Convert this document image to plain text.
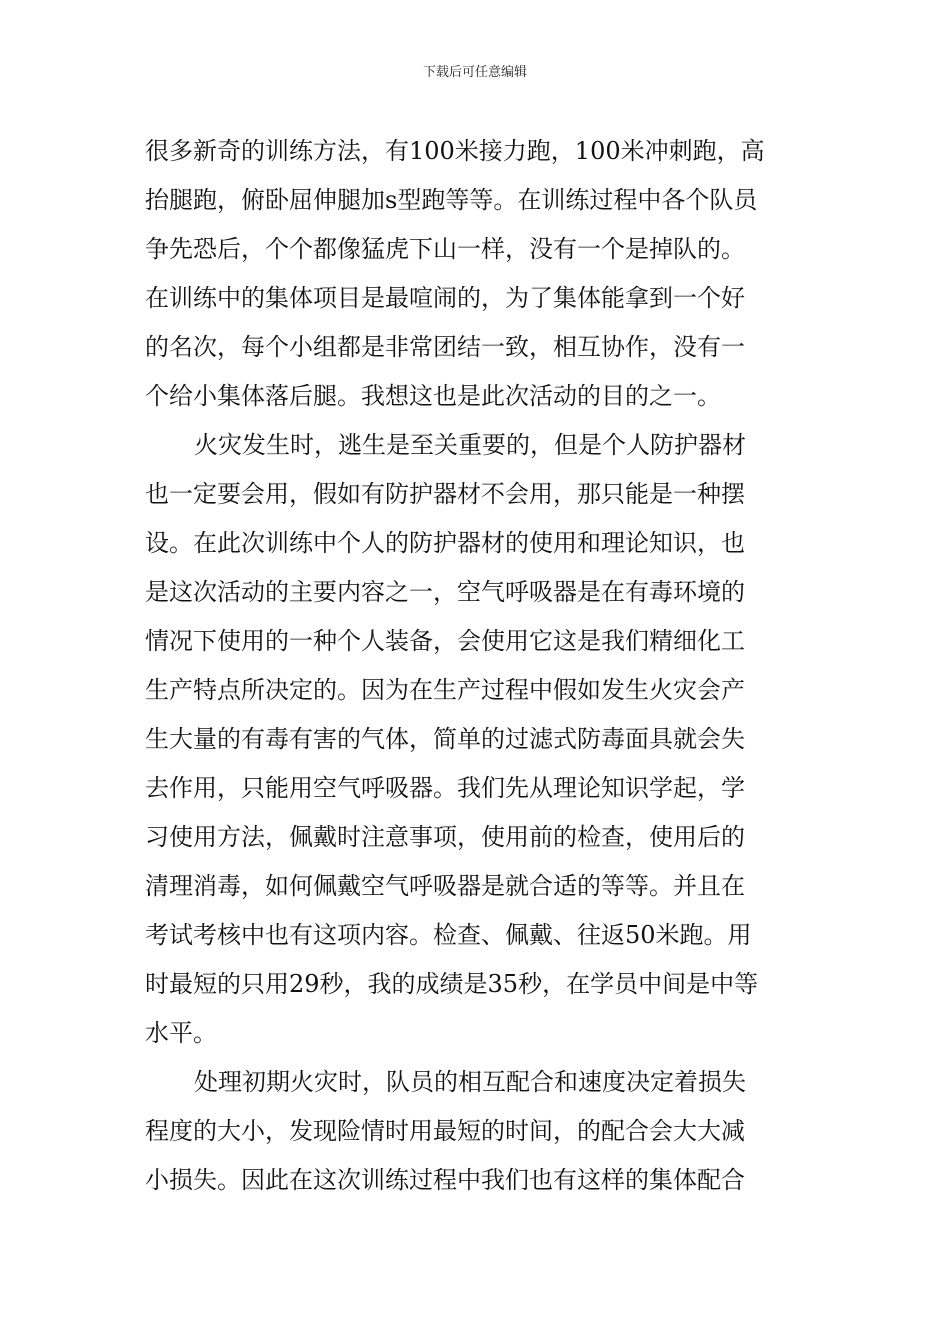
下载后可任意编辑
很多新奇的训练方法，有100米接力跑，100米冲刺跑，高
抬腿跑，俯卧屈伸腿加s型跑等等。在训练过程中各个队员
争先恐后，个个都像猛虎下山一样，没有一个是掉队的。
在训练中的集体项目是最喧闹的，为了集体能拿到一个好
的名次，每个小组都是非常团结一致，相互协作，没有一
个给小集体落后腿。我想这也是此次活动的目的之一。
火灾发生时，逃生是至关重要的，但是个人防护器材
也一定要会用，假如有防护器材不会用，那只能是一种摆
设。在此次训练中个人的防护器材的使用和理论知识，也
是这次活动的主要内容之一，空气呼吸器是在有毒环境的
情况下使用的一种个人装备，会使用它这是我们精细化工
生产特点所决定的。因为在生产过程中假如发生火灾会产
生大量的有毒有害的气体，简单的过滤式防毒面具就会失
去作用，只能用空气呼吸器。我们先从理论知识学起，学
习使用方法，佩戴时注意事项，使用前的检查，使用后的
清理消毒，如何佩戴空气呼吸器是就合适的等等。并且在
考试考核中也有这项内容。检查、佩戴、往返50米跑。用
时最短的只用29秒，我的成绩是35秒，在学员中间是中等
水平。
处理初期火灾时，队员的相互配合和速度决定着损失
程度的大小，发现险情时用最短的时间，的配合会大大减
小损失。因此在这次训练过程中我们也有这样的集体配合
